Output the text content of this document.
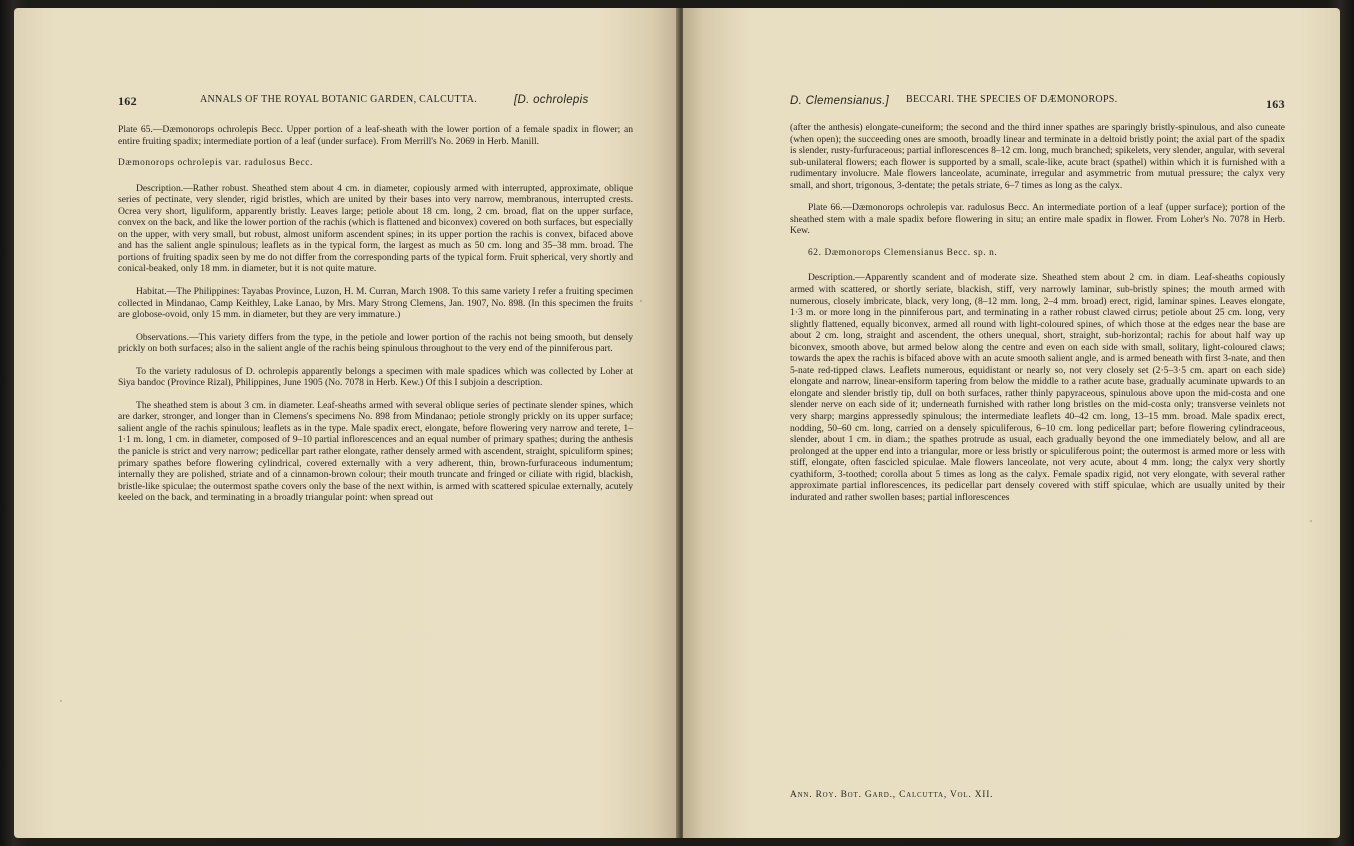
162	ANNALS OF THE ROYAL BOTANIC GARDEN, CALCUTTA.	[D. ochrolepis

Plate 65.—Dæmonorops ochrolepis Becc. Upper portion of a leaf-sheath with the lower portion of a female spadix in flower; an entire fruiting spadix; intermediate portion of a leaf (under surface). From Merrill's No. 2069 in Herb. Manill.

Dæmonorops ochrolepis var. radulosus Becc.

Description.—Rather robust. Sheathed stem about 4 cm. in diameter, copiously armed with interrupted, approximate, oblique series of pectinate, very slender, rigid bristles, which are united by their bases into very narrow, membranous, interrupted crests. Ocrea very short, liguliform, apparently bristly. Leaves large; petiole about 18 cm. long, 2 cm. broad, flat on the upper surface, convex on the back, and like the lower portion of the rachis (which is flattened and biconvex) covered on both surfaces, but especially on the upper, with very small, but robust, almost uniform ascendent spines; in its upper portion the rachis is convex, bifaced above and has the salient angle spinulous; leaflets as in the typical form, the largest as much as 50 cm. long and 35–38 mm. broad. The portions of fruiting spadix seen by me do not differ from the corresponding parts of the typical form. Fruit spherical, very shortly and conical-beaked, only 18 mm. in diameter, but it is not quite mature.

Habitat.—The Philippines: Tayabas Province, Luzon, H. M. Curran, March 1908. To this same variety I refer a fruiting specimen collected in Mindanao, Camp Keithley, Lake Lanao, by Mrs. Mary Strong Clemens, Jan. 1907, No. 898. (In this specimen the fruits are globose-ovoid, only 15 mm. in diameter, but they are very immature.)

Observations.—This variety differs from the type, in the petiole and lower portion of the rachis not being smooth, but densely prickly on both surfaces; also in the salient angle of the rachis being spinulous throughout to the very end of the pinniferous part.

To the variety radulosus of D. ochrolepis apparently belongs a specimen with male spadices which was collected by Loher at Siya bandoc (Province Rizal), Philippines, June 1905 (No. 7078 in Herb. Kew.) Of this I subjoin a description.

The sheathed stem is about 3 cm. in diameter. Leaf-sheaths armed with several oblique series of pectinate slender spines, which are darker, stronger, and longer than in Clemens's specimens No. 898 from Mindanao; petiole strongly prickly on its upper surface; salient angle of the rachis spinulous; leaflets as in the type. Male spadix erect, elongate, before flowering very narrow and terete, 1–1·1 m. long, 1 cm. in diameter, composed of 9–10 partial inflorescences and an equal number of primary spathes; during the anthesis the panicle is strict and very narrow; pedicellar part rather elongate, rather densely armed with ascendent, straight, spiculiform spines; primary spathes before flowering cylindrical, covered externally with a very adherent, thin, brown-furfuraceous indumentum; internally they are polished, striate and of a cinnamon-brown colour; their mouth truncate and fringed or ciliate with rigid, blackish, bristle-like spiculae; the outermost spathe covers only the base of the next within, is armed with scattered spiculae externally, acutely keeled on the back, and terminating in a broadly triangular point: when spread out

D. Clemensianus.] BECCARI. THE SPECIES OF DÆMONOROPS.	163

(after the anthesis) elongate-cuneiform; the second and the third inner spathes are sparingly bristly-spinulous, and also cuneate (when open); the succeeding ones are smooth, broadly linear and terminate in a deltoid bristly point; the axial part of the spadix is slender, rusty-furfuraceous; partial inflorescences 8–12 cm. long, much branched; spikelets, very slender, angular, with several sub-unilateral flowers; each flower is supported by a small, scale-like, acute bract (spathel) within which it is furnished with a rudimentary involucre. Male flowers lanceolate, acuminate, irregular and asymmetric from mutual pressure; the calyx very small, and short, trigonous, 3-dentate; the petals striate, 6–7 times as long as the calyx.

Plate 66.—Dæmonorops ochrolepis var. radulosus Becc. An intermediate portion of a leaf (upper surface); portion of the sheathed stem with a male spadix before flowering in situ; an entire male spadix in flower. From Loher's No. 7078 in Herb. Kew.

62. Dæmonorops Clemensianus Becc. sp. n.

Description.—Apparently scandent and of moderate size. Sheathed stem about 2 cm. in diam. Leaf-sheaths copiously armed with scattered, or shortly seriate, blackish, stiff, very narrowly laminar, sub-bristly spines; the mouth armed with numerous, closely imbricate, black, very long, (8–12 mm. long, 2–4 mm. broad) erect, rigid, laminar spines. Leaves elongate, 1·3 m. or more long in the pinniferous part, and terminating in a rather robust clawed cirrus; petiole about 25 cm. long, very slightly flattened, equally biconvex, armed all round with light-coloured spines, of which those at the edges near the base are about 2 cm. long, straight and ascendent, the others unequal, short, straight, sub-horizontal; rachis for about half way up biconvex, smooth above, but armed below along the centre and even on each side with small, solitary, light-coloured claws; towards the apex the rachis is bifaced above with an acute smooth salient angle, and is armed beneath with first 3-nate, and then 5-nate red-tipped claws. Leaflets numerous, equidistant or nearly so, not very closely set (2·5–3·5 cm. apart on each side) elongate and narrow, linear-ensiform tapering from below the middle to a rather acute base, gradually acuminate upwards to an elongate and slender bristly tip, dull on both surfaces, rather thinly papyraceous, spinulous above upon the mid-costa and one slender nerve on each side of it; underneath furnished with rather long bristles on the mid-costa only; transverse veinlets not very sharp; margins appressedly spinulous; the intermediate leaflets 40–42 cm. long, 13–15 mm. broad. Male spadix erect, nodding, 50–60 cm. long, carried on a densely spiculiferous, 6–10 cm. long pedicellar part; before flowering cylindraceous, slender, about 1 cm. in diam.; the spathes protrude as usual, each gradually beyond the one immediately below, and all are prolonged at the upper end into a triangular, more or less bristly or spiculiferous point; the outermost is armed more or less with stiff, elongate, often fascicled spiculae. Male flowers lanceolate, not very acute, about 4 mm. long; the calyx very shortly cyathiform, 3-toothed; corolla about 5 times as long as the calyx. Female spadix rigid, not very elongate, with several rather approximate partial inflorescences, its pedicellar part densely covered with stiff spiculae, which are usually united by their indurated and rather swollen bases; partial inflorescences

Ann. Roy. Bot. Gard., Calcutta, Vol. XII.
